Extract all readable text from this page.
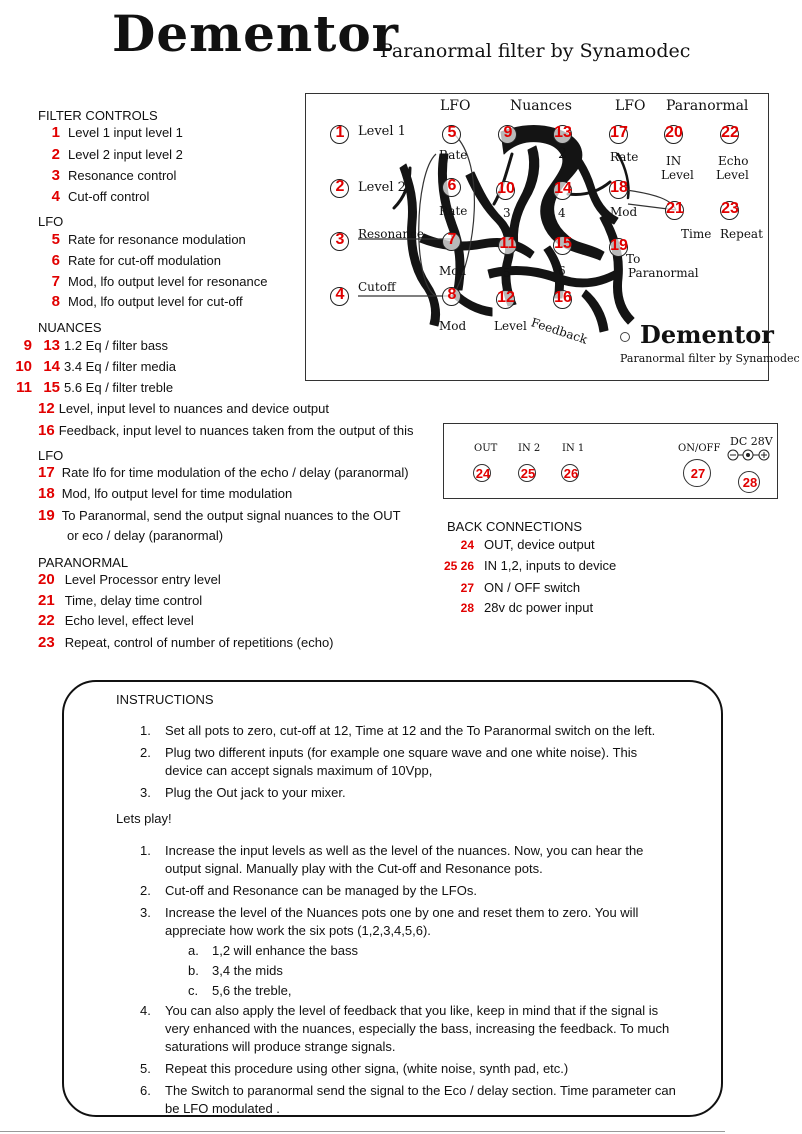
Dementor
Paranormal filter by Synamodec
FILTER CONTROLS
1 Level 1 input level 1
2 Level 2 input level 2
3 Resonance control
4 Cut-off control
LFO
5 Rate for resonance modulation
6 Rate for cut-off modulation
7 Mod, lfo output level for resonance
8 Mod, lfo output level for cut-off
NUANCES
9 13 1.2 Eq / filter bass
10 14 3.4 Eq / filter media
11 15 5.6 Eq / filter treble
12 Level, input level to nuances and device output
16 Feedback, input level to nuances taken from the output of this
LFO
17 Rate lfo for time modulation of the echo / delay (paranormal)
18 Mod, lfo output level for time modulation
19 To Paranormal, send the output signal nuances to the OUT
or eco / delay (paranormal)
PARANORMAL
20 Level Processor entry level
21 Time, delay time control
22 Echo level, effect level
23 Repeat, control of number of repetitions (echo)
LFO	Nuances	LFO Paranormal
Level 1
Level 2
Resonance
Cutoff
Rate
Rate
Mod
Mod
2
3	4
5	6
Level Feedback
Rate
Mod
IN
Level
Echo
Level
Time Repeat
To
Paranormal
1
2
3
4
5
6
7
8
9
10
11
12
13
14
15
16
17
18
19
20
21
22
23
Dementor
Paranormal filter by Synamodec
OUT IN 2 IN 1	ON/OFF
DC 28V
24	25	26	27
28
BACK CONNECTIONS
24 OUT, device output
25 26 IN 1,2, inputs to device
27 ON / OFF switch
28 28v dc power input
INSTRUCTIONS
1. Set all pots to zero, cut-off at 12, Time at 12 and the To Paranormal switch on the left.
2. Plug two different inputs (for example one square wave and one white noise). This device can accept signals maximum of 10Vpp,
3. Plug the Out jack to your mixer.
Lets play!
1. Increase the input levels as well as the level of the nuances. Now, you can hear the output signal. Manually play with the Cut-off and Resonance pots.
2. Cut-off and Resonance can be managed by the LFOs.
3. Increase the level of the Nuances pots one by one and reset them to zero. You will appreciate how work the six pots (1,2,3,4,5,6).
a. 1,2 will enhance the bass
b. 3,4 the mids
c. 5,6 the treble,
4. You can also apply the level of feedback that you like, keep in mind that if the signal is very enhanced with the nuances, especially the bass, increasing the feedback. To much saturations will produce strange signals.
5. Repeat this procedure using other signa, (white noise, synth pad, etc.)
6. The Switch to paranormal send the signal to the Eco / delay section. Time parameter can be LFO modulated .
